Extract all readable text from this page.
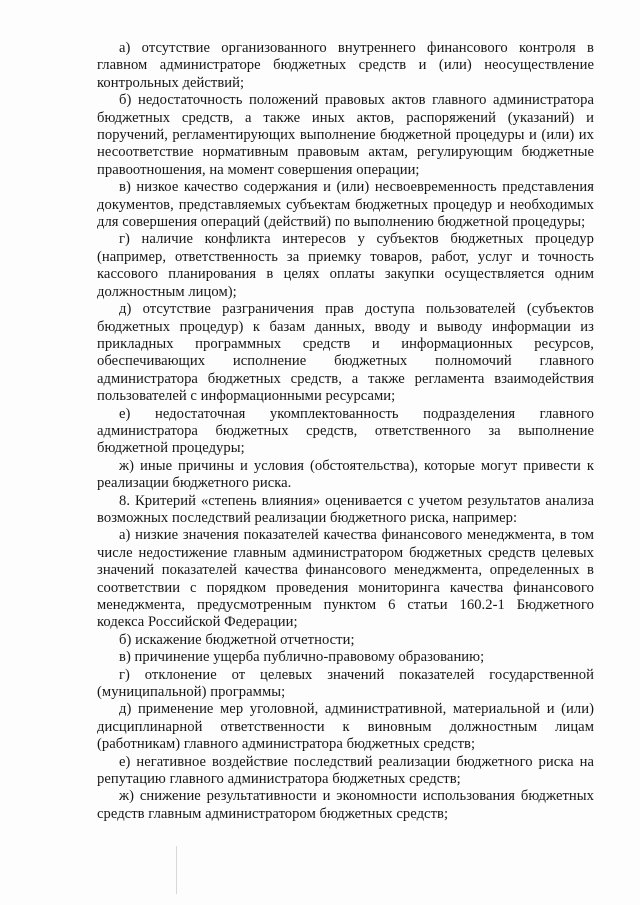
а) отсутствие организованного внутреннего финансового контроля в главном администраторе бюджетных средств и (или) неосуществление контрольных действий;

б) недостаточность положений правовых актов главного администратора бюджетных средств, а также иных актов, распоряжений (указаний) и поручений, регламентирующих выполнение бюджетной процедуры и (или) их несоответствие нормативным правовым актам, регулирующим бюджетные правоотношения, на момент совершения операции;

в) низкое качество содержания и (или) несвоевременность представления документов, представляемых субъектам бюджетных процедур и необходимых для совершения операций (действий) по выполнению бюджетной процедуры;

г) наличие конфликта интересов у субъектов бюджетных процедур (например, ответственность за приемку товаров, работ, услуг и точность кассового планирования в целях оплаты закупки осуществляется одним должностным лицом);

д) отсутствие разграничения прав доступа пользователей (субъектов бюджетных процедур) к базам данных, вводу и выводу информации из прикладных программных средств и информационных ресурсов, обеспечивающих исполнение бюджетных полномочий главного администратора бюджетных средств, а также регламента взаимодействия пользователей с информационными ресурсами;

е) недостаточная укомплектованность подразделения главного администратора бюджетных средств, ответственного за выполнение бюджетной процедуры;

ж) иные причины и условия (обстоятельства), которые могут привести к реализации бюджетного риска.

8. Критерий «степень влияния» оценивается с учетом результатов анализа возможных последствий реализации бюджетного риска, например:

а) низкие значения показателей качества финансового менеджмента, в том числе недостижение главным администратором бюджетных средств целевых значений показателей качества финансового менеджмента, определенных в соответствии с порядком проведения мониторинга качества финансового менеджмента, предусмотренным пунктом 6 статьи 160.2-1 Бюджетного кодекса Российской Федерации;

б) искажение бюджетной отчетности;

в) причинение ущерба публично-правовому образованию;

г) отклонение от целевых значений показателей государственной (муниципальной) программы;

д) применение мер уголовной, административной, материальной и (или) дисциплинарной ответственности к виновным должностным лицам (работникам) главного администратора бюджетных средств;

е) негативное воздействие последствий реализации бюджетного риска на репутацию главного администратора бюджетных средств;

ж) снижение результативности и экономности использования бюджетных средств главным администратором бюджетных средств;
